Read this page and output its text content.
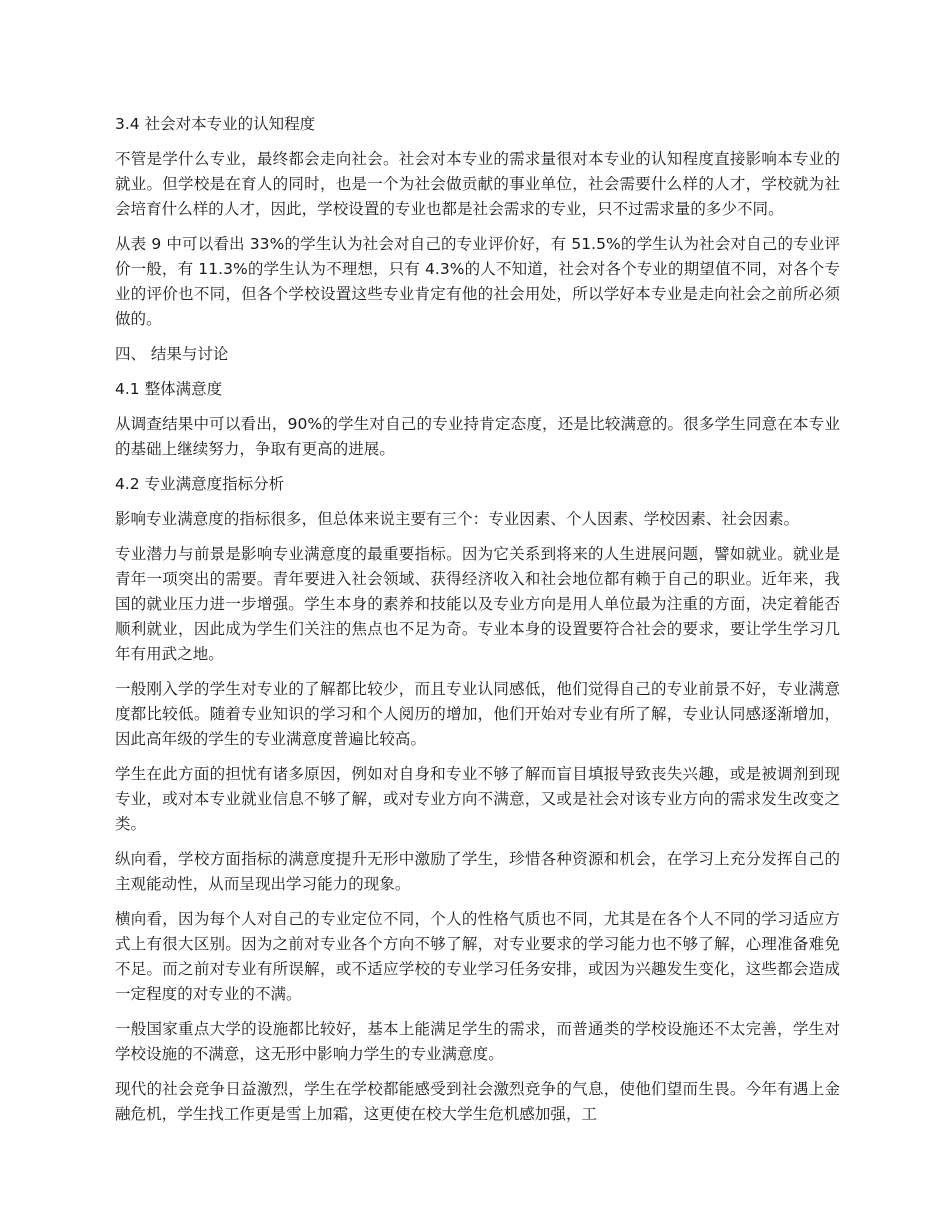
3.4 社会对本专业的认知程度

不管是学什么专业，最终都会走向社会。社会对本专业的需求量很对本专业的认知程度直接影响本专业的就业。但学校是在育人的同时，也是一个为社会做贡献的事业单位，社会需要什么样的人才，学校就为社会培育什么样的人才，因此，学校设置的专业也都是社会需求的专业，只不过需求量的多少不同。

从表 9 中可以看出 33%的学生认为社会对自己的专业评价好，有 51.5%的学生认为社会对自己的专业评价一般，有 11.3%的学生认为不理想，只有 4.3%的人不知道，社会对各个专业的期望值不同，对各个专业的评价也不同，但各个学校设置这些专业肯定有他的社会用处，所以学好本专业是走向社会之前所必须做的。

四、 结果与讨论
4.1 整体满意度

从调查结果中可以看出，90%的学生对自己的专业持肯定态度，还是比较满意的。很多学生同意在本专业的基础上继续努力，争取有更高的进展。

4.2 专业满意度指标分析

影响专业满意度的指标很多，但总体来说主要有三个：专业因素、个人因素、学校因素、社会因素。

专业潜力与前景是影响专业满意度的最重要指标。因为它关系到将来的人生进展问题，譬如就业。就业是青年一项突出的需要。青年要进入社会领域、获得经济收入和社会地位都有赖于自己的职业。近年来，我国的就业压力进一步增强。学生本身的素养和技能以及专业方向是用人单位最为注重的方面，决定着能否顺利就业，因此成为学生们关注的焦点也不足为奇。专业本身的设置要符合社会的要求，要让学生学习几年有用武之地。

一般刚入学的学生对专业的了解都比较少，而且专业认同感低，他们觉得自己的专业前景不好，专业满意度都比较低。随着专业知识的学习和个人阅历的增加，他们开始对专业有所了解，专业认同感逐渐增加，因此高年级的学生的专业满意度普遍比较高。

学生在此方面的担忧有诸多原因，例如对自身和专业不够了解而盲目填报导致丧失兴趣，或是被调剂到现专业，或对本专业就业信息不够了解，或对专业方向不满意，又或是社会对该专业方向的需求发生改变之类。

纵向看，学校方面指标的满意度提升无形中激励了学生，珍惜各种资源和机会，在学习上充分发挥自己的主观能动性，从而呈现出学习能力的现象。

横向看，因为每个人对自己的专业定位不同，个人的性格气质也不同，尤其是在各个人不同的学习适应方式上有很大区别。因为之前对专业各个方向不够了解，对专业要求的学习能力也不够了解，心理准备难免不足。而之前对专业有所误解，或不适应学校的专业学习任务安排，或因为兴趣发生变化，这些都会造成一定程度的对专业的不满。

一般国家重点大学的设施都比较好，基本上能满足学生的需求，而普通类的学校设施还不太完善，学生对学校设施的不满意，这无形中影响力学生的专业满意度。

现代的社会竞争日益激烈，学生在学校都能感受到社会激烈竞争的气息，使他们望而生畏。今年有遇上金融危机，学生找工作更是雪上加霜，这更使在校大学生危机感加强，工
